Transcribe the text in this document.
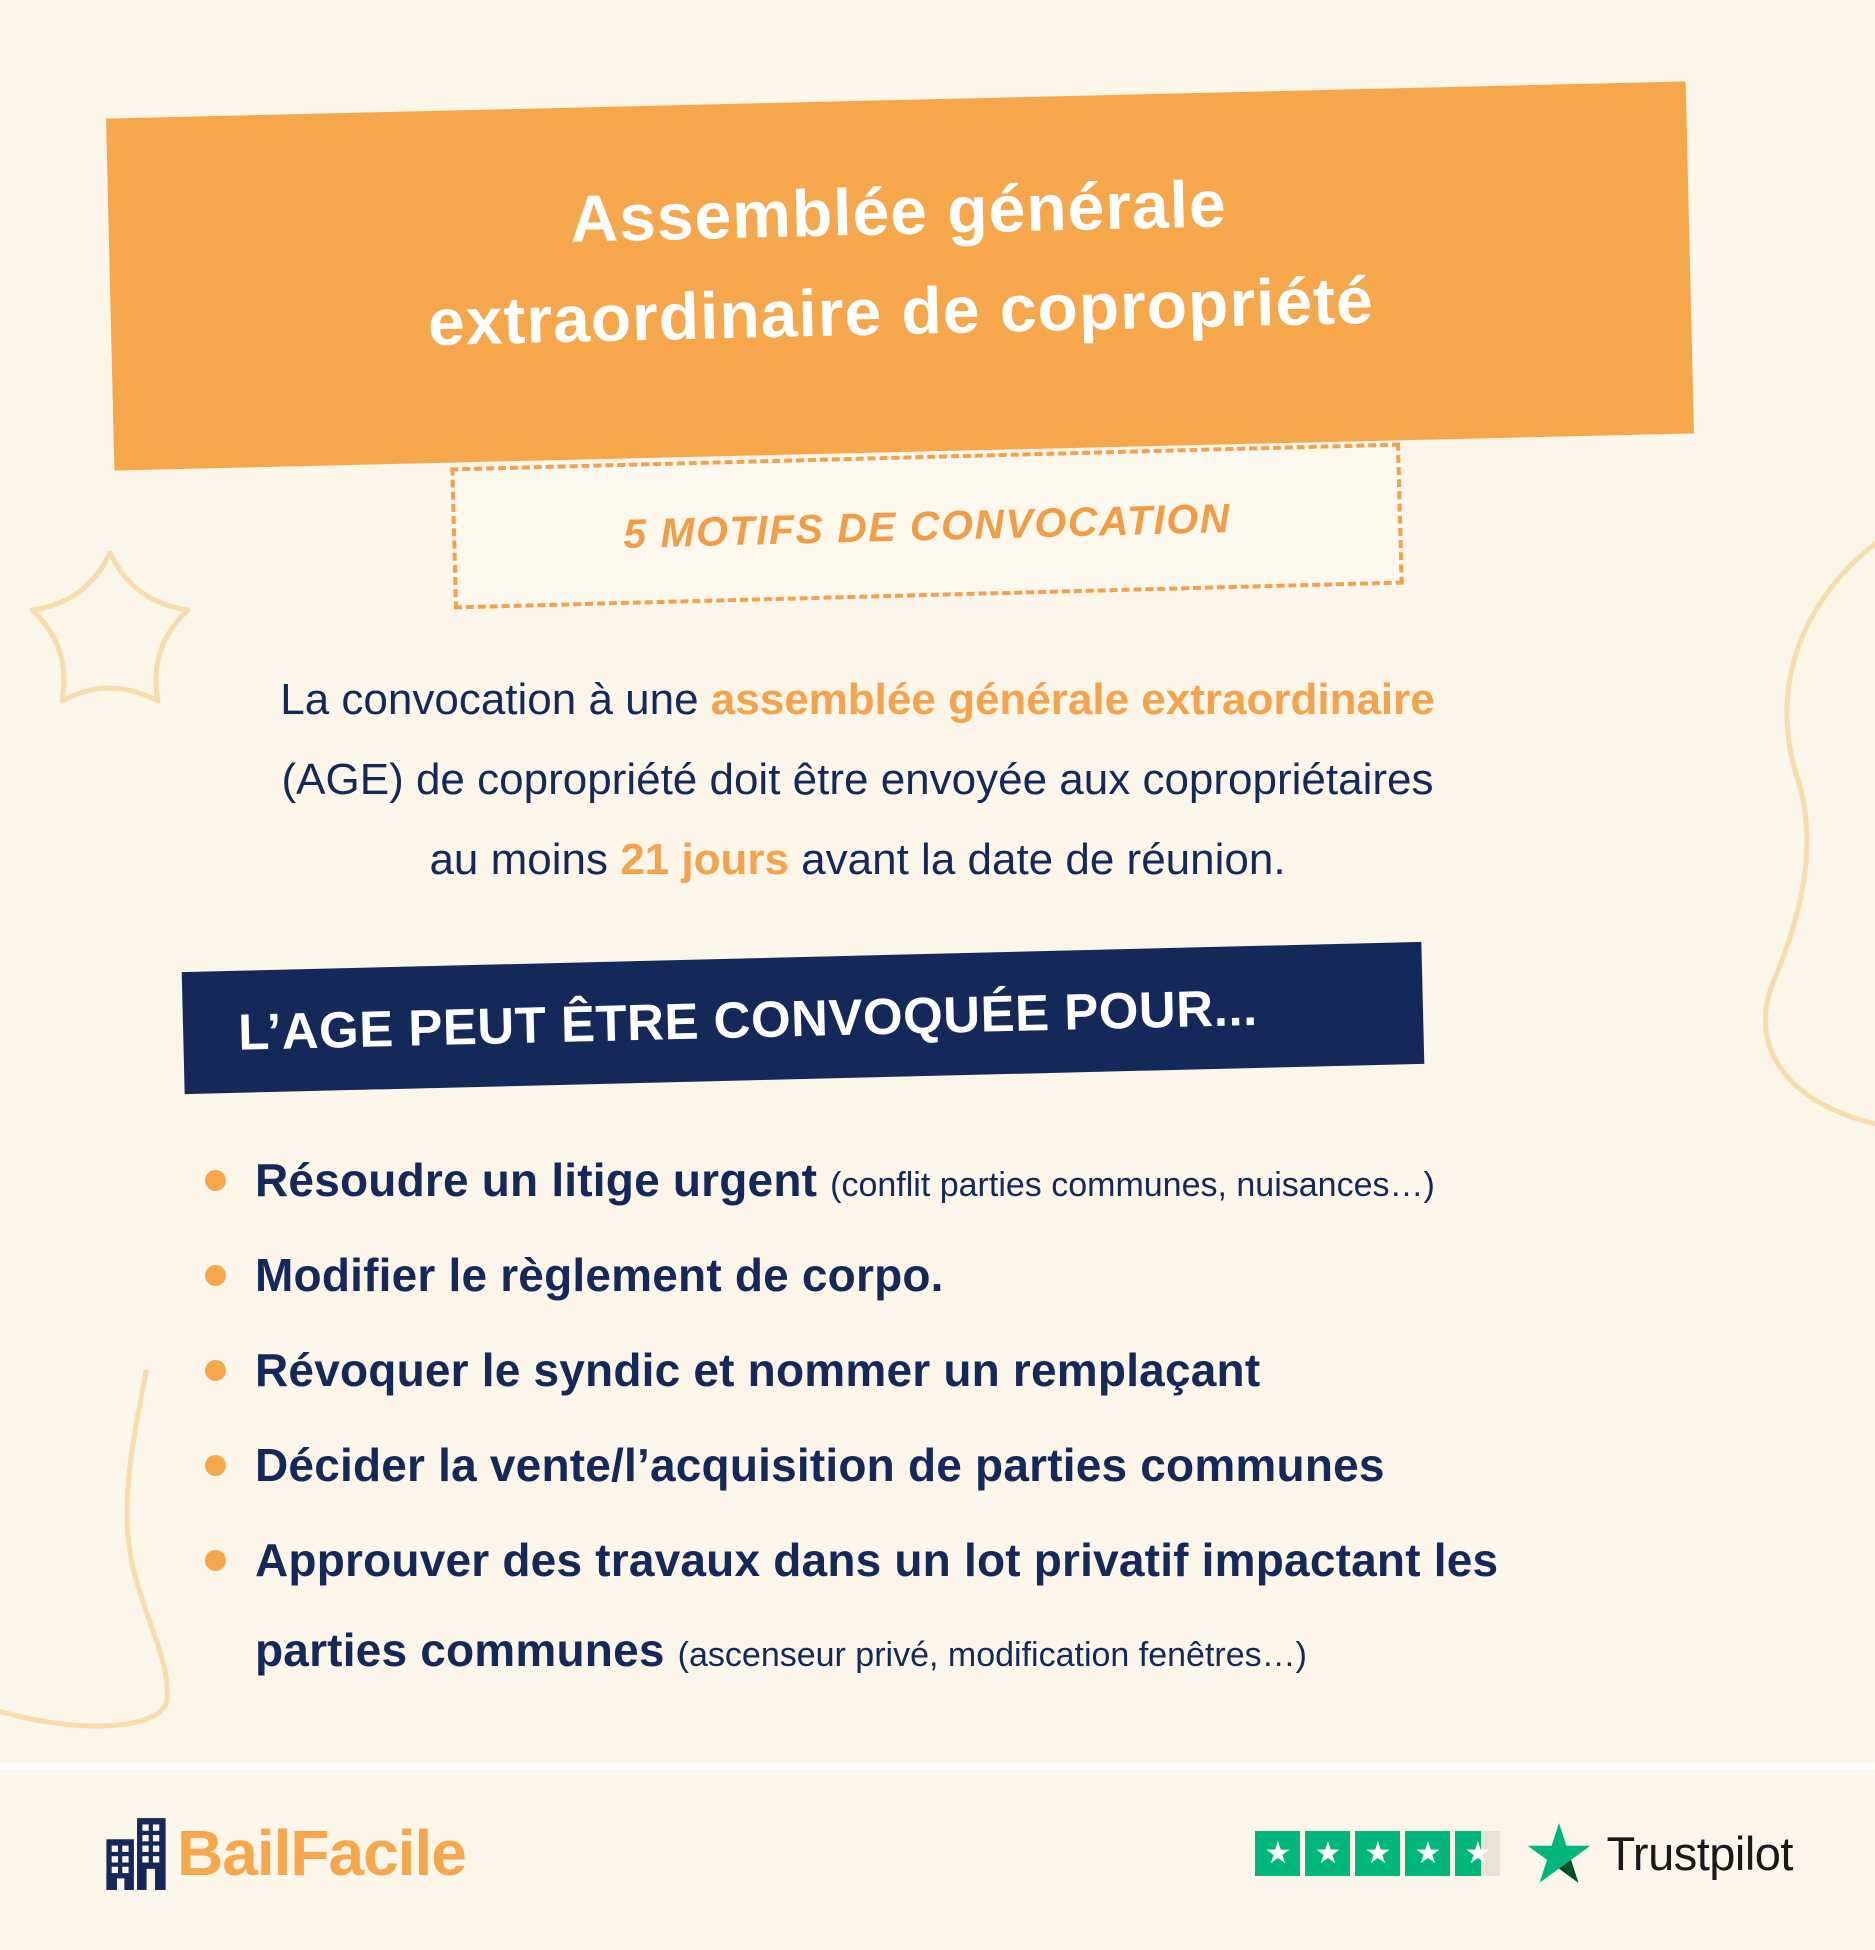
Assemblée générale
extraordinaire de copropriété
5 MOTIFS DE CONVOCATION

La convocation à une assemblée générale extraordinaire
(AGE) de copropriété doit être envoyée aux copropriétaires
au moins 21 jours avant la date de réunion.

L’AGE PEUT ÊTRE CONVOQUÉE POUR...
Résoudre un litige urgent (conflit parties communes, nuisances…)
Modifier le règlement de corpo.
Révoquer le syndic et nommer un remplaçant
Décider la vente/l’acquisition de parties communes
Approuver des travaux dans un lot privatif impactant les parties communes (ascenseur privé, modification fenêtres…)
BailFacile	★ ★ ★ ★ ★ Trustpilot
